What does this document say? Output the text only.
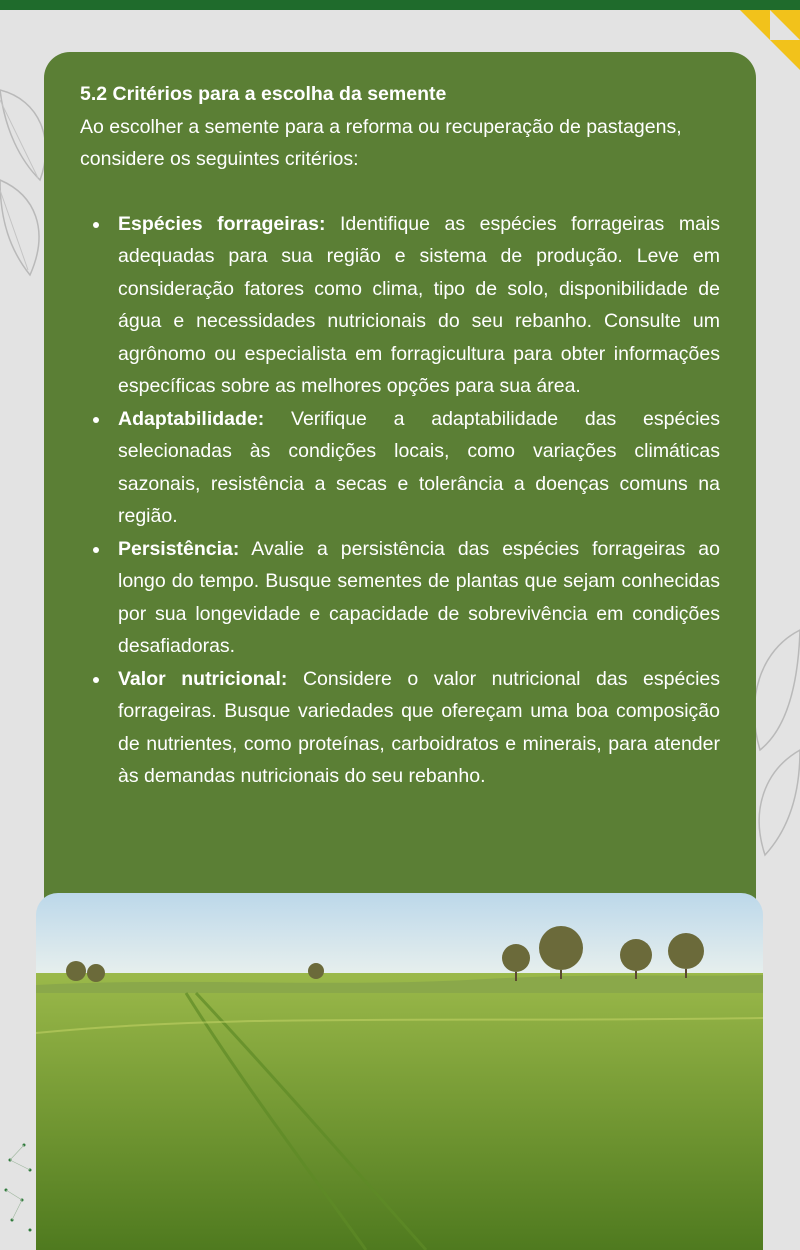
5.2 Critérios para a escolha da semente

Ao escolher a semente para a reforma ou recuperação de pastagens, considere os seguintes critérios:

Espécies forrageiras: Identifique as espécies forrageiras mais adequadas para sua região e sistema de produção. Leve em consideração fatores como clima, tipo de solo, disponibilidade de água e necessidades nutricionais do seu rebanho. Consulte um agrônomo ou especialista em forragicultura para obter informações específicas sobre as melhores opções para sua área.
Adaptabilidade: Verifique a adaptabilidade das espécies selecionadas às condições locais, como variações climáticas sazonais, resistência a secas e tolerância a doenças comuns na região.
Persistência: Avalie a persistência das espécies forrageiras ao longo do tempo. Busque sementes de plantas que sejam conhecidas por sua longevidade e capacidade de sobrevivência em condições desafiadoras.
Valor nutricional: Considere o valor nutricional das espécies forrageiras. Busque variedades que ofereçam uma boa composição de nutrientes, como proteínas, carboidratos e minerais, para atender às demandas nutricionais do seu rebanho.
